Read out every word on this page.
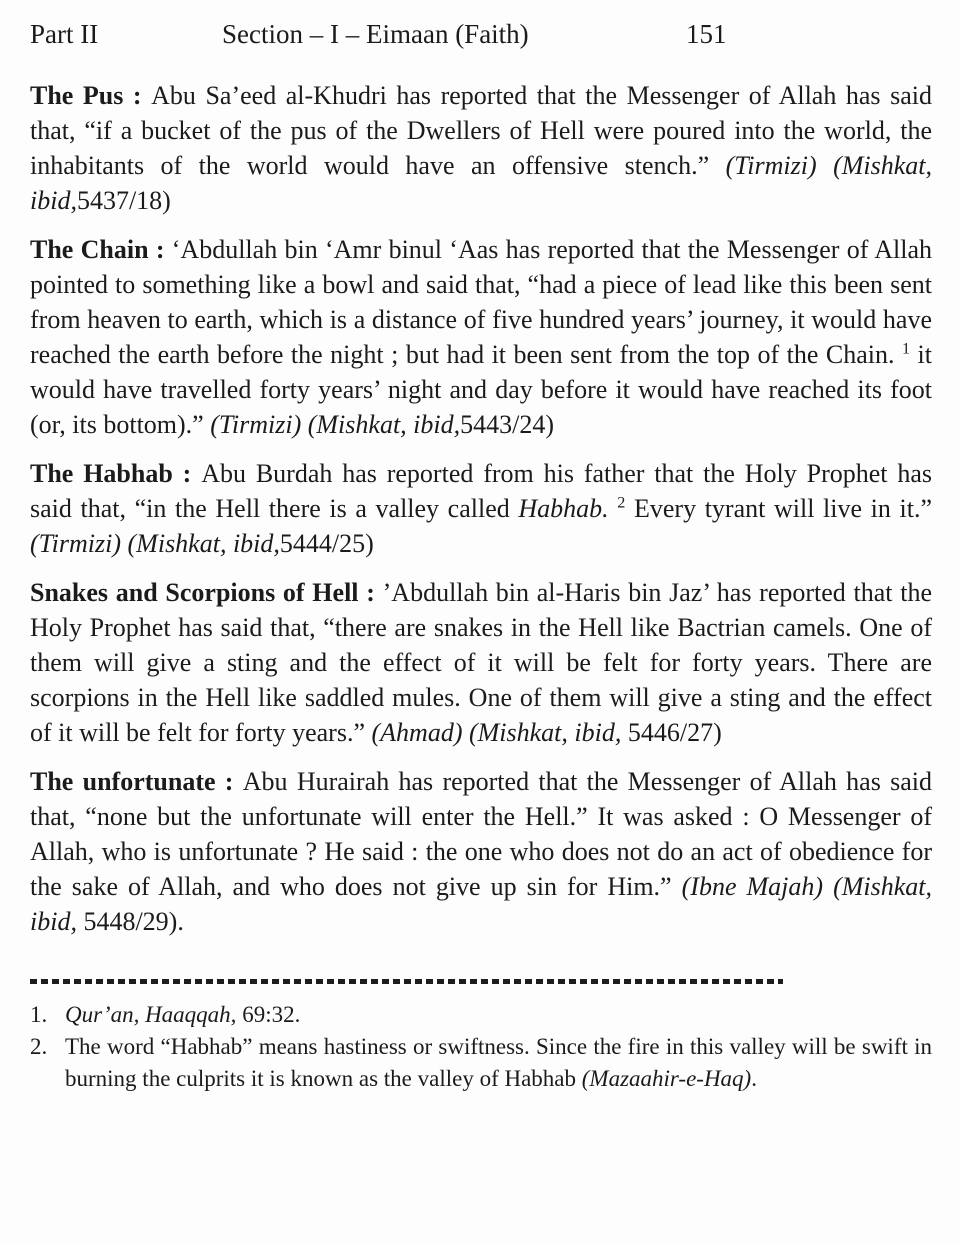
Part II	Section – I – Eimaan (Faith)	151

The Pus : Abu Sa’eed al-Khudri has reported that the Messenger of Allah has said that, “if a bucket of the pus of the Dwellers of Hell were poured into the world, the inhabitants of the world would have an offensive stench.” (Tirmizi) (Mishkat, ibid,5437/18)

The Chain : ‘Abdullah bin ‘Amr binul ‘Aas has reported that the Messenger of Allah pointed to something like a bowl and said that, “had a piece of lead like this been sent from heaven to earth, which is a distance of five hundred years’ journey, it would have reached the earth before the night ; but had it been sent from the top of the Chain. $^1$ it would have travelled forty years’ night and day before it would have reached its foot (or, its bottom).” (Tirmizi) (Mishkat, ibid,5443/24)

The Habhab : Abu Burdah has reported from his father that the Holy Prophet has said that, “in the Hell there is a valley called Habhab. $^2$ Every tyrant will live in it.” (Tirmizi) (Mishkat, ibid,5444/25)

Snakes and Scorpions of Hell : ’Abdullah bin al-Haris bin Jaz’ has reported that the Holy Prophet has said that, “there are snakes in the Hell like Bactrian camels. One of them will give a sting and the effect of it will be felt for forty years. There are scorpions in the Hell like saddled mules. One of them will give a sting and the effect of it will be felt for forty years.” (Ahmad) (Mishkat, ibid, 5446/27)

The unfortunate : Abu Hurairah has reported that the Messenger of Allah has said that, “none but the unfortunate will enter the Hell.” It was asked : O Messenger of Allah, who is unfortunate ? He said : the one who does not do an act of obedience for the sake of Allah, and who does not give up sin for Him.” (Ibne Majah) (Mishkat, ibid, 5448/29).

1. Qur’an, Haaqqah, 69:32.
2. The word “Habhab” means hastiness or swiftness. Since the fire in this valley will be swift in burning the culprits it is known as the valley of Habhab (Mazaahir-e-Haq).
